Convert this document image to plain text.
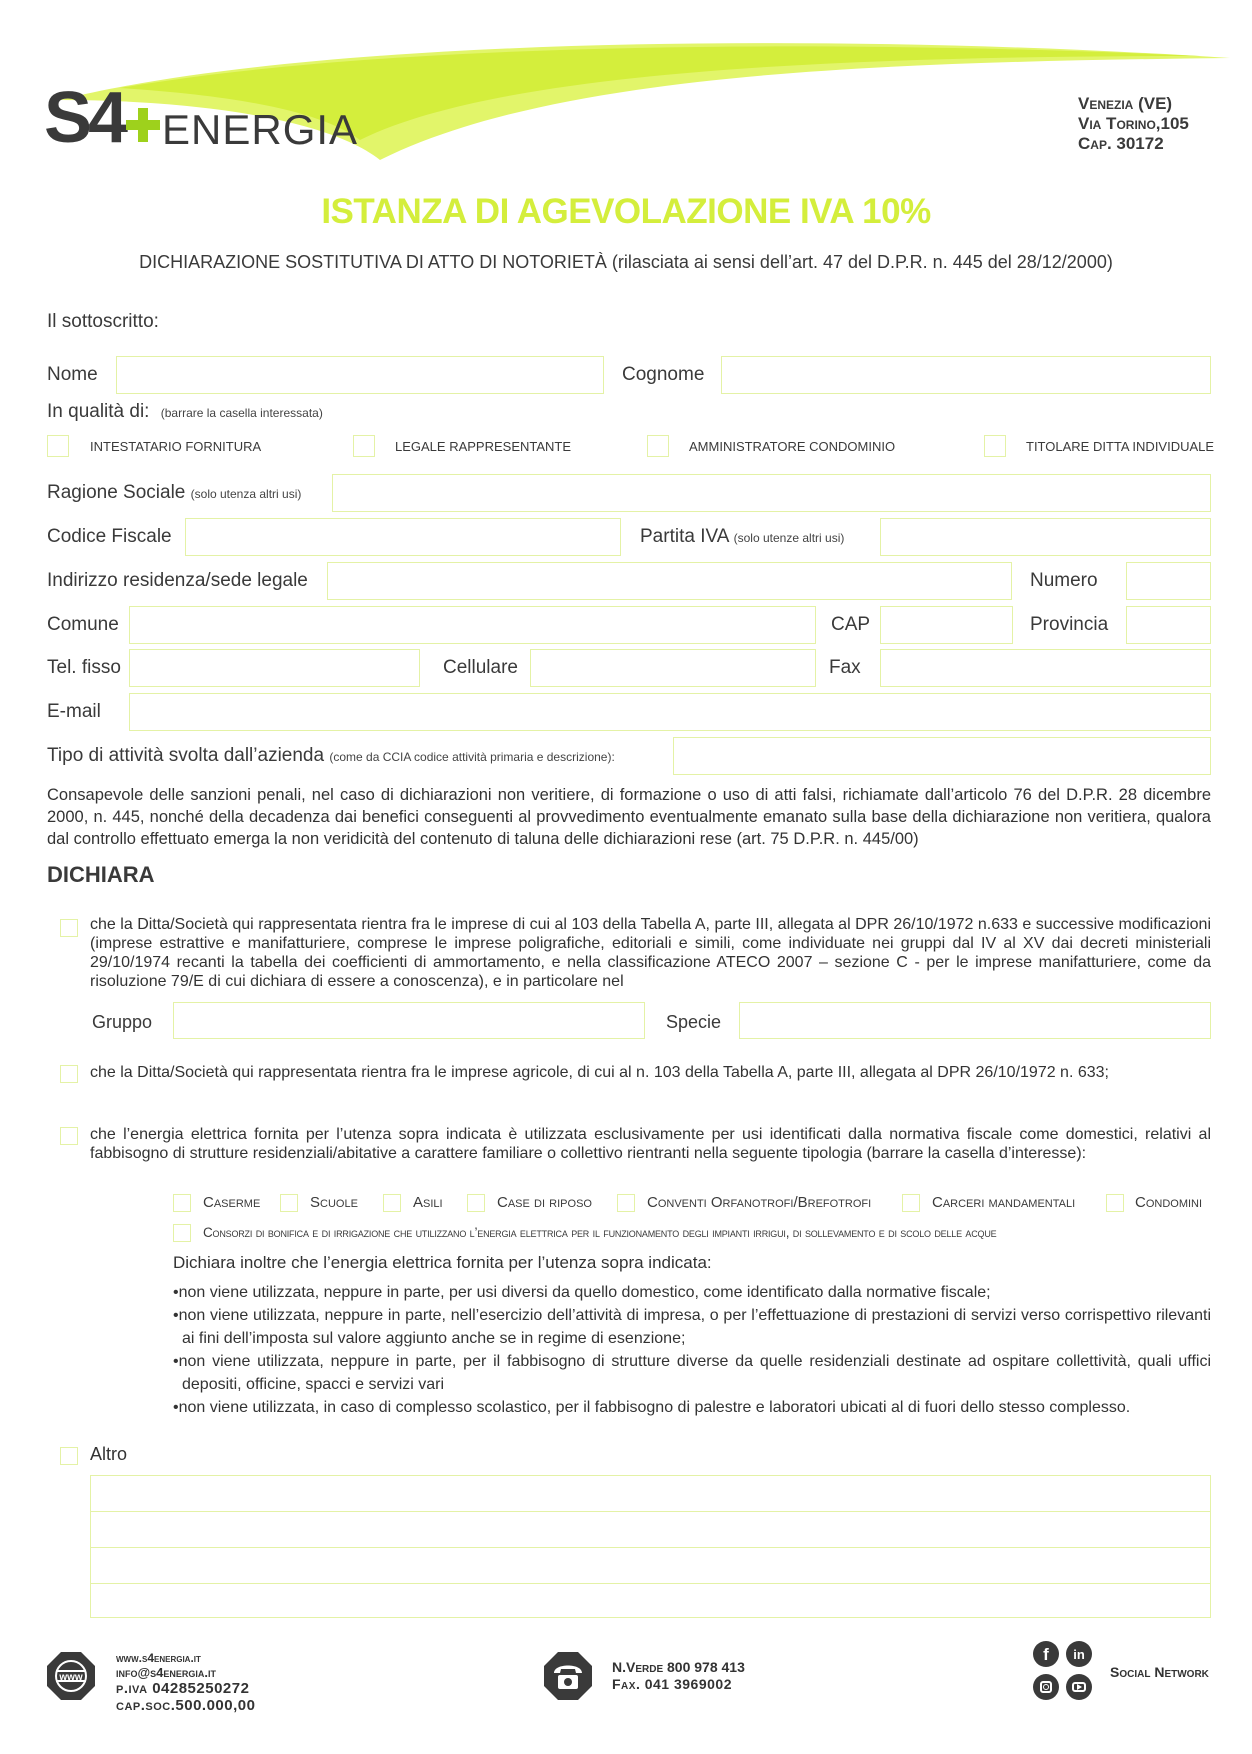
S4 ENERGIA
Venezia (VE)
Via Torino,105
Cap. 30172
ISTANZA DI AGEVOLAZIONE IVA 10%
DICHIARAZIONE SOSTITUTIVA DI ATTO DI NOTORIETÀ (rilasciata ai sensi dell’art. 47 del D.P.R. n. 445 del 28/12/2000)
Il sottoscritto:
Nome	Cognome
In qualità di: (barrare la casella interessata)
INTESTATARIO FORNITURA	LEGALE RAPPRESENTANTE	AMMINISTRATORE CONDOMINIO	TITOLARE DITTA INDIVIDUALE
Ragione Sociale (solo utenza altri usi)
Codice Fiscale	Partita IVA (solo utenze altri usi)
Indirizzo residenza/sede legale	Numero
Comune	CAP	Provincia
Tel. fisso	Cellulare	Fax
E-mail
Tipo di attività svolta dall’azienda (come da CCIA codice attività primaria e descrizione):
Consapevole delle sanzioni penali, nel caso di dichiarazioni non veritiere, di formazione o uso di atti falsi, richiamate dall’articolo 76 del D.P.R. 28 dicembre 2000, n. 445, nonché della decadenza dai benefici conseguenti al provvedimento eventualmente emanato sulla base della dichiarazione non veritiera, qualora dal controllo effettuato emerga la non veridicità del contenuto di taluna delle dichiarazioni rese (art. 75 D.P.R. n. 445/00)
DICHIARA
che la Ditta/Società qui rappresentata rientra fra le imprese di cui al 103 della Tabella A, parte III, allegata al DPR 26/10/1972 n.633 e successive modificazioni (imprese estrattive e manifatturiere, comprese le imprese poligrafiche, editoriali e simili, come individuate nei gruppi dal IV al XV dai decreti ministeriali 29/10/1974 recanti la tabella dei coefficienti di ammortamento, e nella classificazione ATECO 2007 – sezione C - per le imprese manifatturiere, come da risoluzione 79/E di cui dichiara di essere a conoscenza), e in particolare nel
Gruppo	Specie
che la Ditta/Società qui rappresentata rientra fra le imprese agricole, di cui al n. 103 della Tabella A, parte III, allegata al DPR 26/10/1972 n. 633;
che l’energia elettrica fornita per l’utenza sopra indicata è utilizzata esclusivamente per usi identificati dalla normativa fiscale come domestici, relativi al fabbisogno di strutture residenziali/abitative a carattere familiare o collettivo rientranti nella seguente tipologia (barrare la casella d’interesse):
Caserme	Scuole	Asili	Case di riposo	Conventi Orfanotrofi/Brefotrofi	Carceri mandamentali	Condomini
Consorzi di bonifica e di irrigazione che utilizzano l’energia elettrica per il funzionamento degli impianti irrigui, di sollevamento e di scolo delle acque
Dichiara inoltre che l’energia elettrica fornita per l’utenza sopra indicata:
•non viene utilizzata, neppure in parte, per usi diversi da quello domestico, come identificato dalla normative fiscale;
•non viene utilizzata, neppure in parte, nell’esercizio dell’attività di impresa, o per l’effettuazione di prestazioni di servizi verso corrispettivo rilevanti ai fini dell’imposta sul valore aggiunto anche se in regime di esenzione;
•non viene utilizzata, neppure in parte, per il fabbisogno di strutture diverse da quelle residenziali destinate ad ospitare collettività, quali uffici depositi, officine, spacci e servizi vari
•non viene utilizzata, in caso di complesso scolastico, per il fabbisogno di palestre e laboratori ubicati al di fuori dello stesso complesso.
Altro
www
www.s4energia.it
info@s4energia.it
p.iva 04285250272
cap.soc.500.000,00
N.Verde 800 978 413
Fax. 041 3969002
f	in
Social Network
